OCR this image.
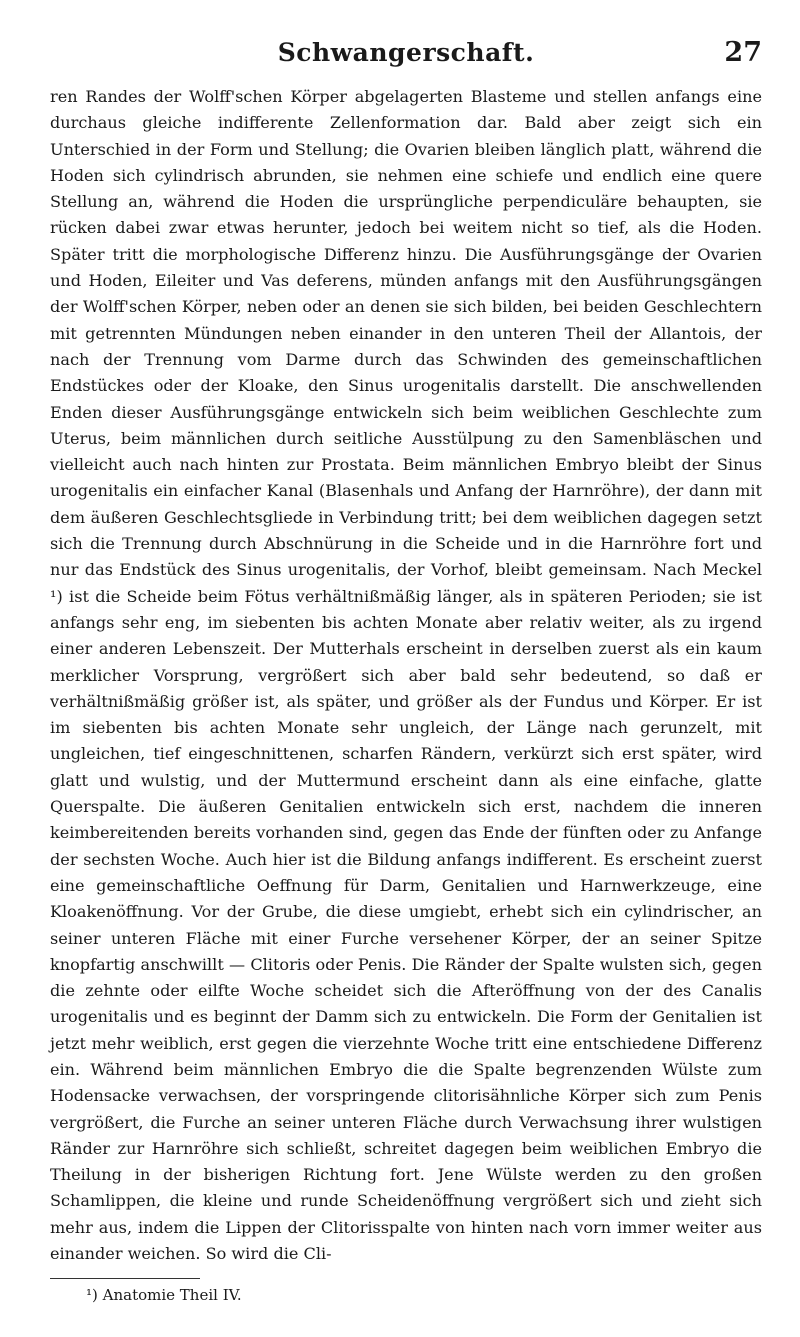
Schwangerschaft.	27

ren Randes der Wolff'schen Körper abgelagerten Blasteme und stellen anfangs eine durchaus gleiche indifferente Zellenformation dar. Bald aber zeigt sich ein Unterschied in der Form und Stellung; die Ovarien bleiben länglich platt, während die Hoden sich cylindrisch abrunden, sie nehmen eine schiefe und endlich eine quere Stellung an, während die Hoden die ursprüngliche perpendiculäre behaupten, sie rücken dabei zwar etwas herunter, jedoch bei weitem nicht so tief, als die Hoden. Später tritt die morphologische Differenz hinzu. Die Ausführungsgänge der Ovarien und Hoden, Eileiter und Vas deferens, münden anfangs mit den Ausführungsgängen der Wolff'schen Körper, neben oder an denen sie sich bilden, bei beiden Geschlechtern mit getrennten Mündungen neben einander in den unteren Theil der Allantois, der nach der Trennung vom Darme durch das Schwinden des gemeinschaftlichen Endstückes oder der Kloake, den Sinus urogenitalis darstellt. Die anschwellenden Enden dieser Ausführungsgänge entwickeln sich beim weiblichen Geschlechte zum Uterus, beim männlichen durch seitliche Ausstülpung zu den Samenbläschen und vielleicht auch nach hinten zur Prostata. Beim männlichen Embryo bleibt der Sinus urogenitalis ein einfacher Kanal (Blasenhals und Anfang der Harnröhre), der dann mit dem äußeren Geschlechtsgliede in Verbindung tritt; bei dem weiblichen dagegen setzt sich die Trennung durch Abschnürung in die Scheide und in die Harnröhre fort und nur das Endstück des Sinus urogenitalis, der Vorhof, bleibt gemeinsam. Nach Meckel ¹) ist die Scheide beim Fötus verhältnißmäßig länger, als in späteren Perioden; sie ist anfangs sehr eng, im siebenten bis achten Monate aber relativ weiter, als zu irgend einer anderen Lebenszeit. Der Mutterhals erscheint in derselben zuerst als ein kaum merklicher Vorsprung, vergrößert sich aber bald sehr bedeutend, so daß er verhältnißmäßig größer ist, als später, und größer als der Fundus und Körper. Er ist im siebenten bis achten Monate sehr ungleich, der Länge nach gerunzelt, mit ungleichen, tief eingeschnittenen, scharfen Rändern, verkürzt sich erst später, wird glatt und wulstig, und der Muttermund erscheint dann als eine einfache, glatte Querspalte. Die äußeren Genitalien entwickeln sich erst, nachdem die inneren keimbereitenden bereits vorhanden sind, gegen das Ende der fünften oder zu Anfange der sechsten Woche. Auch hier ist die Bildung anfangs indifferent. Es erscheint zuerst eine gemeinschaftliche Oeffnung für Darm, Genitalien und Harnwerkzeuge, eine Kloakenöffnung. Vor der Grube, die diese umgiebt, erhebt sich ein cylindrischer, an seiner unteren Fläche mit einer Furche versehener Körper, der an seiner Spitze knopfartig anschwillt — Clitoris oder Penis. Die Ränder der Spalte wulsten sich, gegen die zehnte oder eilfte Woche scheidet sich die Afteröffnung von der des Canalis urogenitalis und es beginnt der Damm sich zu entwickeln. Die Form der Genitalien ist jetzt mehr weiblich, erst gegen die vierzehnte Woche tritt eine entschiedene Differenz ein. Während beim männlichen Embryo die die Spalte begrenzenden Wülste zum Hodensacke verwachsen, der vorspringende clitorisähnliche Körper sich zum Penis vergrößert, die Furche an seiner unteren Fläche durch Verwachsung ihrer wulstigen Ränder zur Harnröhre sich schließt, schreitet dagegen beim weiblichen Embryo die Theilung in der bisherigen Richtung fort. Jene Wülste werden zu den großen Schamlippen, die kleine und runde Scheidenöffnung vergrößert sich und zieht sich mehr aus, indem die Lippen der Clitorisspalte von hinten nach vorn immer weiter aus einander weichen. So wird die Cli-

¹) Anatomie Theil IV.
